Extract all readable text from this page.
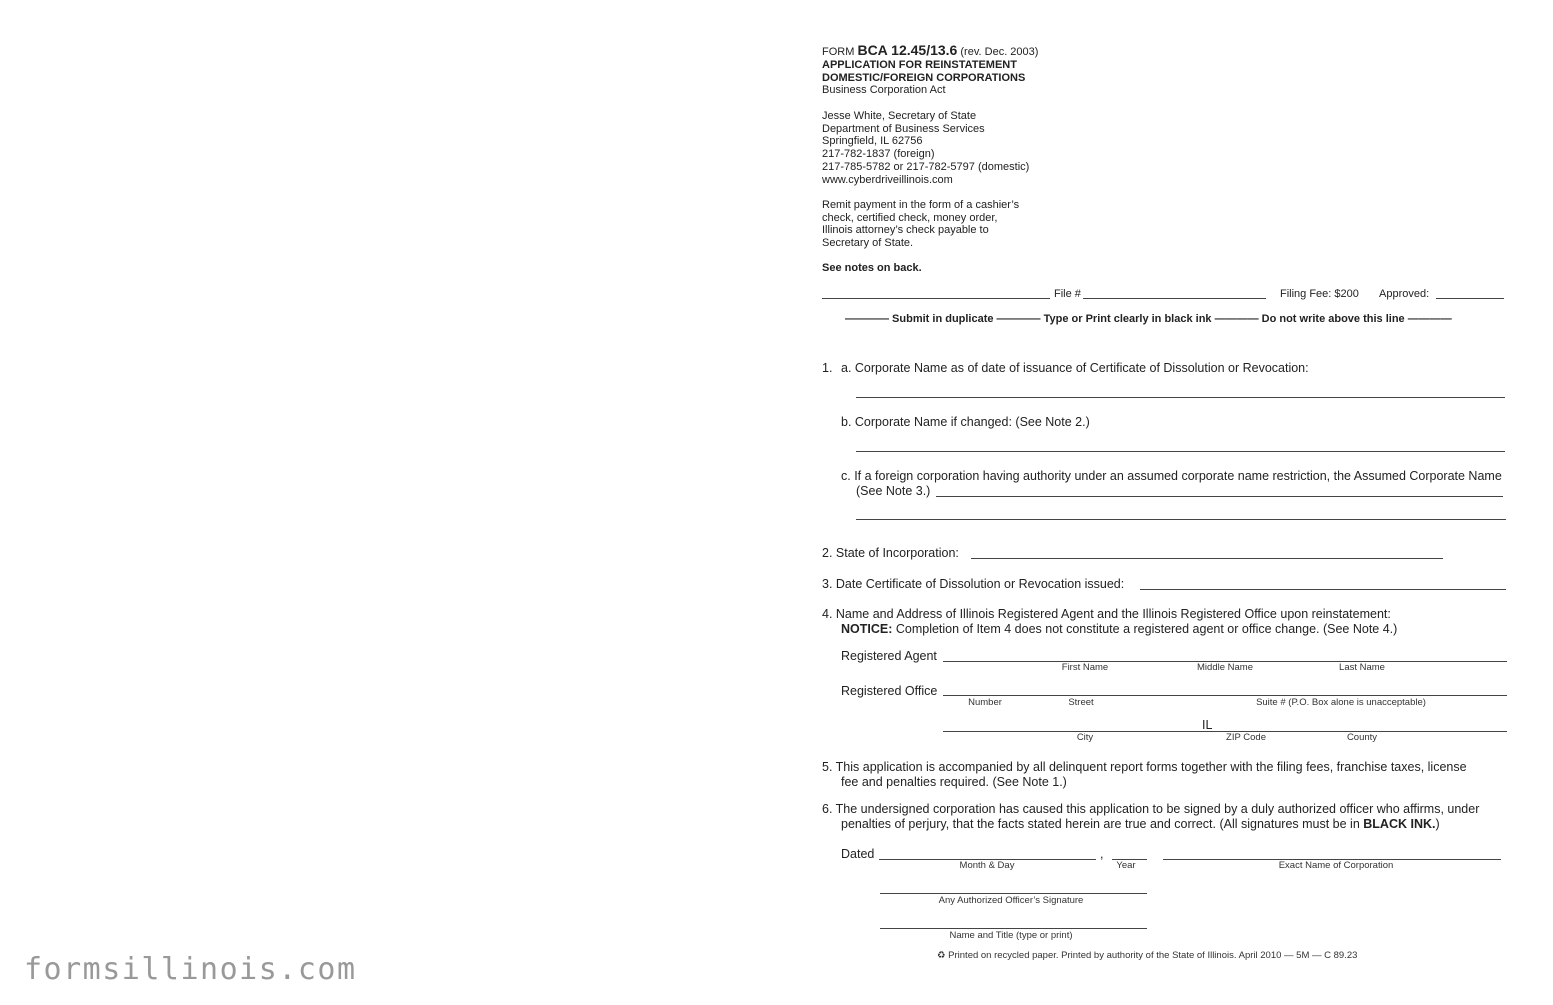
FORM BCA 12.45/13.6 (rev. Dec. 2003)
APPLICATION FOR REINSTATEMENT
DOMESTIC/FOREIGN CORPORATIONS
Business Corporation Act
Jesse White, Secretary of State
Department of Business Services
Springfield, IL 62756
217-782-1837 (foreign)
217-785-5782 or 217-782-5797 (domestic)
www.cyberdriveillinois.com
Remit payment in the form of a cashier’s
check, certified check, money order,
Illinois attorney’s check payable to
Secretary of State.
See notes on back.
File #	Filing Fee: $200 Approved:
———— Submit in duplicate ———— Type or Print clearly in black ink ———— Do not write above this line ————
1. a. Corporate Name as of date of issuance of Certificate of Dissolution or Revocation:
b. Corporate Name if changed: (See Note 2.)
c. If a foreign corporation having authority under an assumed corporate name restriction, the Assumed Corporate Name
(See Note 3.)
2. State of Incorporation:
3. Date Certificate of Dissolution or Revocation issued:
4. Name and Address of Illinois Registered Agent and the Illinois Registered Office upon reinstatement:
NOTICE: Completion of Item 4 does not constitute a registered agent or office change. (See Note 4.)
Registered Agent
First Name	Middle Name	Last Name
Registered Office
Number	Street	Suite # (P.O. Box alone is unacceptable)
IL
City	ZIP Code	County
5. This application is accompanied by all delinquent report forms together with the filing fees, franchise taxes, license
fee and penalties required. (See Note 1.)
6. The undersigned corporation has caused this application to be signed by a duly authorized officer who affirms, under
penalties of perjury, that the facts stated herein are true and correct. (All signatures must be in BLACK INK.)
Dated	,
Month & Day	Year	Exact Name of Corporation
Any Authorized Officer’s Signature
Name and Title (type or print)
♻ Printed on recycled paper. Printed by authority of the State of Illinois. April 2010 — 5M — C 89.23
formsillinois.com
